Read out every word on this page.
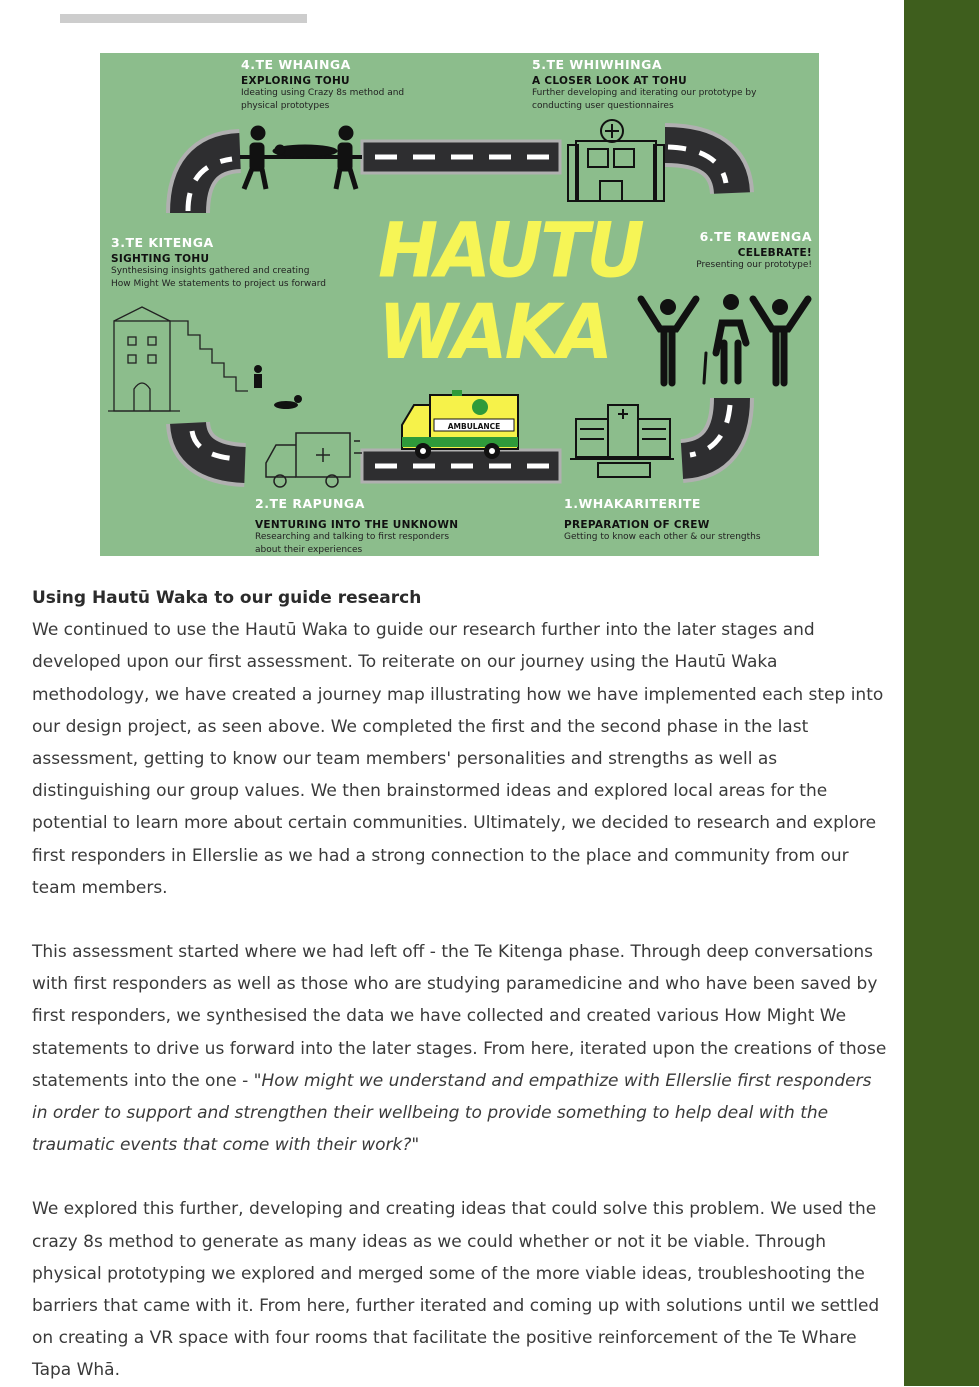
AMBULANCE
HAUTU
WAKA
4.TE WHAINGA
EXPLORING TOHU
Ideating using Crazy 8s method and
physical prototypes
5.TE WHIWHINGA
A CLOSER LOOK AT TOHU
Further developing and iterating our prototype by
conducting user questionnaires
3.TE KITENGA
SIGHTING TOHU
Synthesising insights gathered and creating
How Might We statements to project us forward
6.TE RAWENGA
CELEBRATE!
Presenting our prototype!
2.TE RAPUNGA
VENTURING INTO THE UNKNOWN
Researching and talking to first responders
about their experiences
1.WHAKARITERITE
PREPARATION OF CREW
Getting to know each other & our strengths

Using Hautū Waka to our guide research

We continued to use the Hautū Waka to guide our research further into the later stages and developed upon our first assessment. To reiterate on our journey using the Hautū Waka methodology, we have created a journey map illustrating how we have implemented each step into our design project, as seen above. We completed the first and the second phase in the last assessment, getting to know our team members' personalities and strengths as well as distinguishing our group values. We then brainstormed ideas and explored local areas for the potential to learn more about certain communities. Ultimately, we decided to research and explore first responders in Ellerslie as we had a strong connection to the place and community from our team members.

This assessment started where we had left off - the Te Kitenga phase. Through deep conversations with first responders as well as those who are studying paramedicine and who have been saved by first responders, we synthesised the data we have collected and created various How Might We statements to drive us forward into the later stages. From here, iterated upon the creations of those statements into the one - "How might we understand and empathize with Ellerslie first responders in order to support and strengthen their wellbeing to provide something to help deal with the traumatic events that come with their work?"

We explored this further, developing and creating ideas that could solve this problem. We used the crazy 8s method to generate as many ideas as we could whether or not it be viable. Through physical prototyping we explored and merged some of the more viable ideas, troubleshooting the barriers that came with it. From here, further iterated and coming up with solutions until we settled on creating a VR space with four rooms that facilitate the positive reinforcement of the Te Whare Tapa Whā.
